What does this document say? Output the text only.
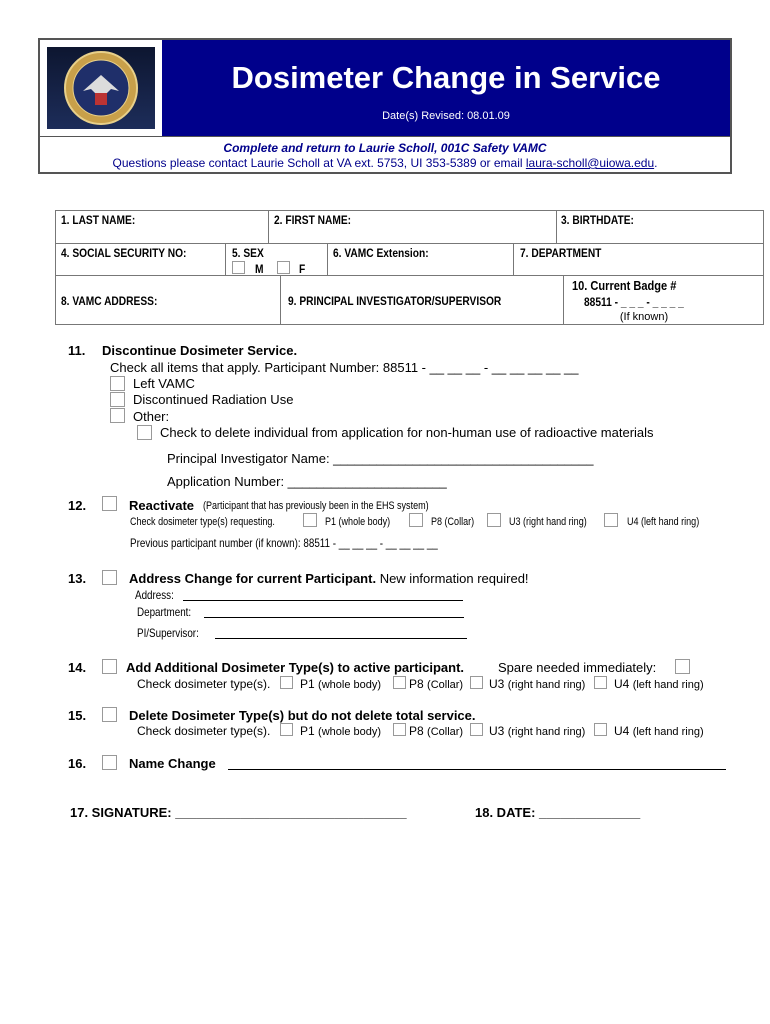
Dosimeter Change in Service
Date(s) Revised: 08.01.09
Complete and return to Laurie Scholl, 001C Safety VAMC
Questions please contact Laurie Scholl at VA ext. 5753, UI 353-5389 or email laura-scholl@uiowa.edu.
1. LAST NAME:	2. FIRST NAME:	3. BIRTHDATE:
4. SOCIAL SECURITY NO:	5. SEX
M	F
6. VAMC Extension:	7. DEPARTMENT
8. VAMC ADDRESS:	9. PRINCIPAL INVESTIGATOR/SUPERVISOR
10. Current Badge #
88511 - _ _ _ - _ _ _ _
(If known)
11. Discontinue Dosimeter Service.
Check all items that apply. Participant Number: 88511 - __ __ __ - __ __ __ __ __
Left VAMC
Discontinued Radiation Use
Other:
Check to delete individual from application for non-human use of radioactive materials
Principal Investigator Name: ____________________________________
Application Number: ______________________
12.	Reactivate (Participant that has previously been in the EHS system)
Check dosimeter type(s) requesting.	P1 (whole body)	P8 (Collar)	U3 (right hand ring)	U4 (left hand ring)
Previous participant number (if known): 88511 - __ __ __ - __ __ __ __
13.	Address Change for current Participant. New information required!
Address:
Department:
PI/Supervisor:
14.	Add Additional Dosimeter Type(s) to active participant.	Spare needed immediately:
Check dosimeter type(s). P1 (whole body) P8 (Collar) U3 (right hand ring) U4 (left hand ring)
15.	Delete Dosimeter Type(s) but do not delete total service.
Check dosimeter type(s). P1 (whole body) P8 (Collar) U3 (right hand ring) U4 (left hand ring)
16.	Name Change
17. SIGNATURE: ________________________________	18. DATE: ______________
